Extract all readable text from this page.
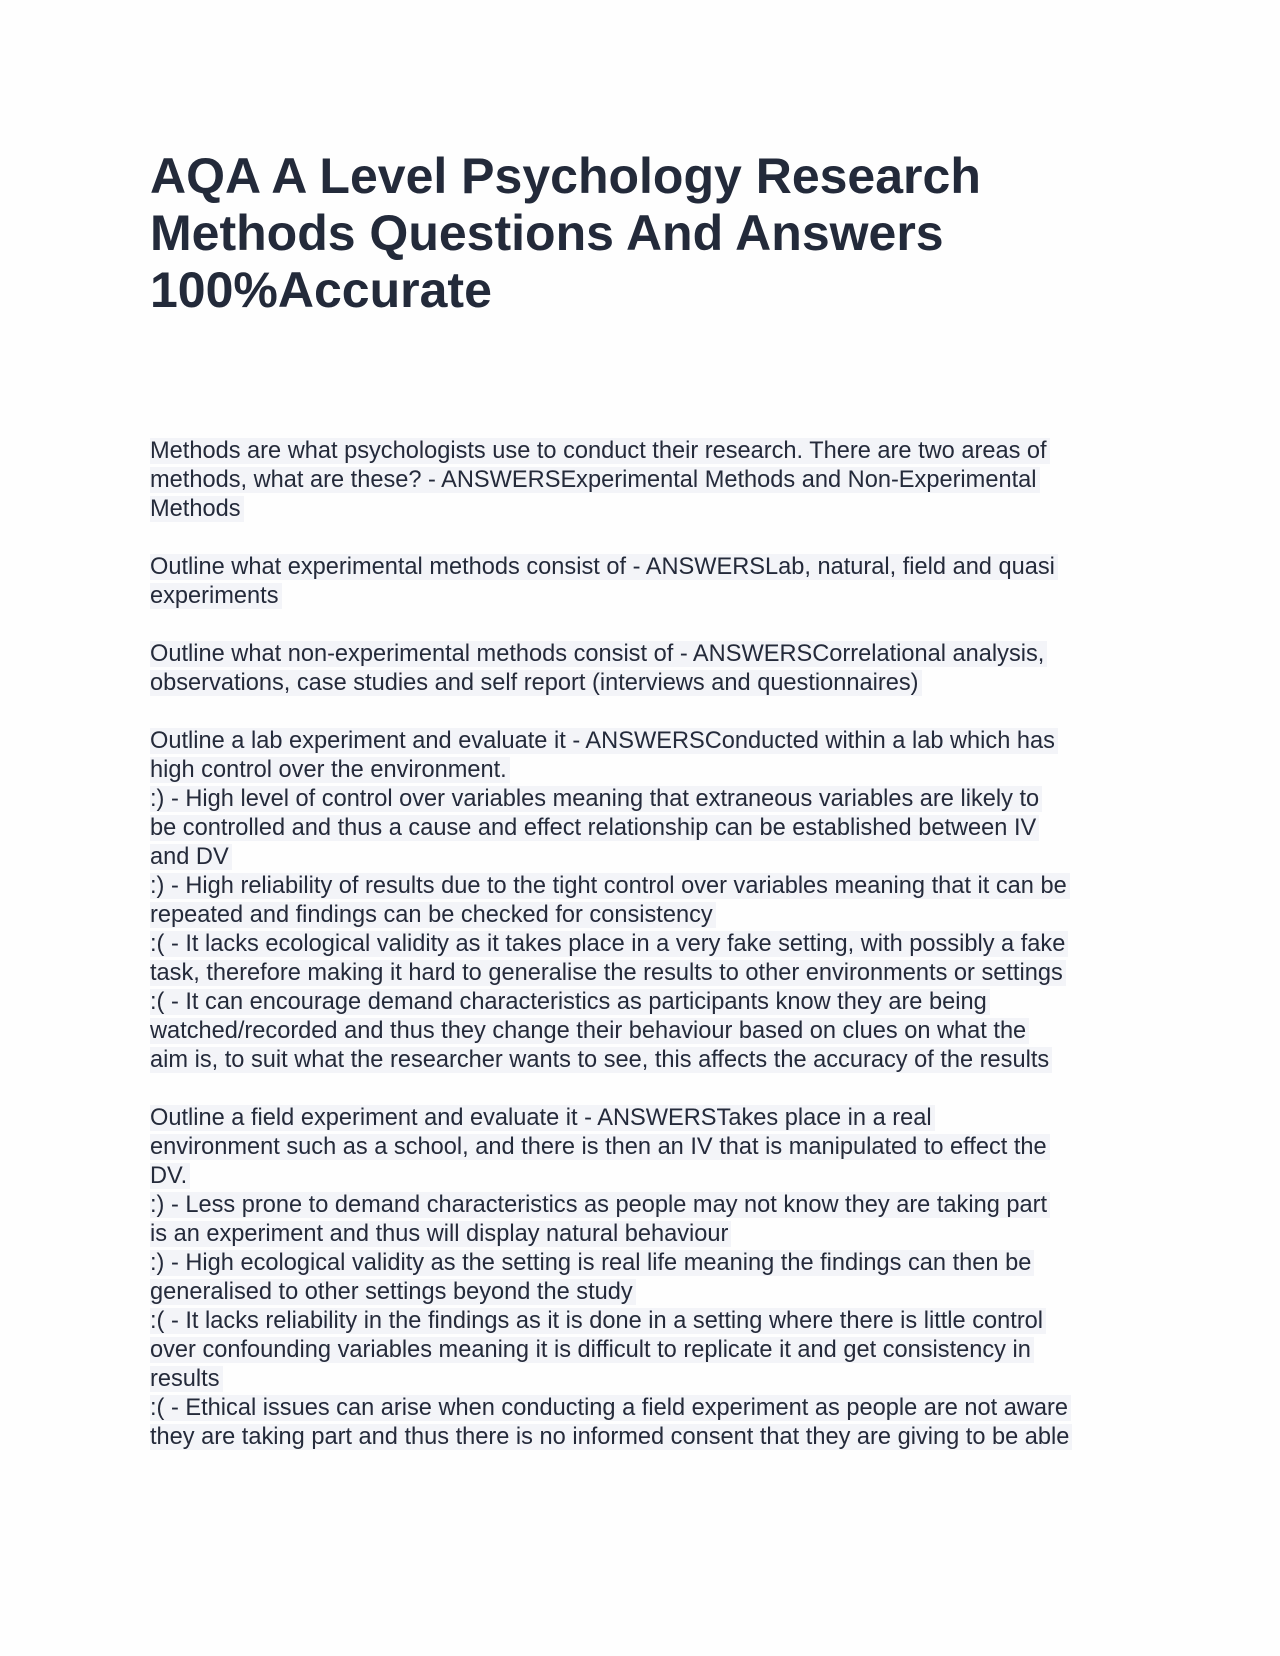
AQA A Level Psychology Research
Methods Questions And Answers
100%Accurate
Methods are what psychologists use to conduct their research. There are two areas of
methods, what are these? - ANSWERSExperimental Methods and Non-Experimental
Methods
Outline what experimental methods consist of - ANSWERSLab, natural, field and quasi
experiments
Outline what non-experimental methods consist of - ANSWERSCorrelational analysis,
observations, case studies and self report (interviews and questionnaires)
Outline a lab experiment and evaluate it - ANSWERSConducted within a lab which has
high control over the environment.
:) - High level of control over variables meaning that extraneous variables are likely to
be controlled and thus a cause and effect relationship can be established between IV
and DV
:) - High reliability of results due to the tight control over variables meaning that it can be
repeated and findings can be checked for consistency
:( - It lacks ecological validity as it takes place in a very fake setting, with possibly a fake
task, therefore making it hard to generalise the results to other environments or settings
:( - It can encourage demand characteristics as participants know they are being
watched/recorded and thus they change their behaviour based on clues on what the
aim is, to suit what the researcher wants to see, this affects the accuracy of the results
Outline a field experiment and evaluate it - ANSWERSTakes place in a real
environment such as a school, and there is then an IV that is manipulated to effect the
DV.
:) - Less prone to demand characteristics as people may not know they are taking part
is an experiment and thus will display natural behaviour
:) - High ecological validity as the setting is real life meaning the findings can then be
generalised to other settings beyond the study
:( - It lacks reliability in the findings as it is done in a setting where there is little control
over confounding variables meaning it is difficult to replicate it and get consistency in
results
:( - Ethical issues can arise when conducting a field experiment as people are not aware
they are taking part and thus there is no informed consent that they are giving to be able
